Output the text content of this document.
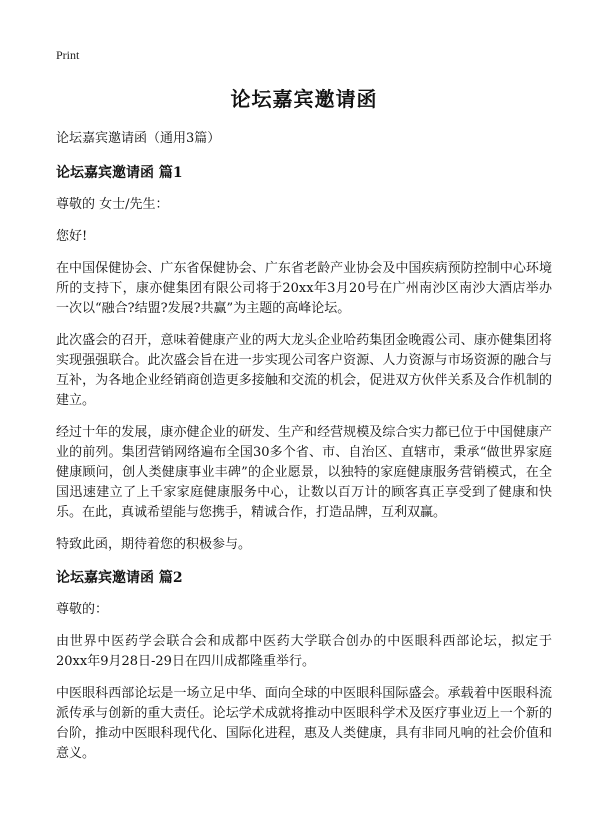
Print
论坛嘉宾邀请函
论坛嘉宾邀请函（通用3篇）
论坛嘉宾邀请函 篇1

尊敬的 女士/先生：

您好!

在中国保健协会、广东省保健协会、广东省老龄产业协会及中国疾病预防控制中心环境所的支持下，康亦健集团有限公司将于20xx年3月20号在广州南沙区南沙大酒店举办一次以“融合?结盟?发展?共赢”为主题的高峰论坛。

此次盛会的召开，意味着健康产业的两大龙头企业哈药集团金晚霞公司、康亦健集团将实现强强联合。此次盛会旨在进一步实现公司客户资源、人力资源与市场资源的融合与互补，为各地企业经销商创造更多接触和交流的机会，促进双方伙伴关系及合作机制的建立。

经过十年的发展，康亦健企业的研发、生产和经营规模及综合实力都已位于中国健康产业的前列。集团营销网络遍布全国30多个省、市、自治区、直辖市，秉承“做世界家庭健康顾问，创人类健康事业丰碑”的企业愿景，以独特的家庭健康服务营销模式，在全国迅速建立了上千家家庭健康服务中心，让数以百万计的顾客真正享受到了健康和快乐。在此，真诚希望能与您携手，精诚合作，打造品牌，互利双赢。

特致此函，期待着您的积极参与。

论坛嘉宾邀请函 篇2

尊敬的：

由世界中医药学会联合会和成都中医药大学联合创办的中医眼科西部论坛，拟定于20xx年9月28日-29日在四川成都隆重举行。

中医眼科西部论坛是一场立足中华、面向全球的中医眼科国际盛会。承载着中医眼科流派传承与创新的重大责任。论坛学术成就将推动中医眼科学术及医疗事业迈上一个新的台阶，推动中医眼科现代化、国际化进程，惠及人类健康，具有非同凡响的社会价值和意义。
